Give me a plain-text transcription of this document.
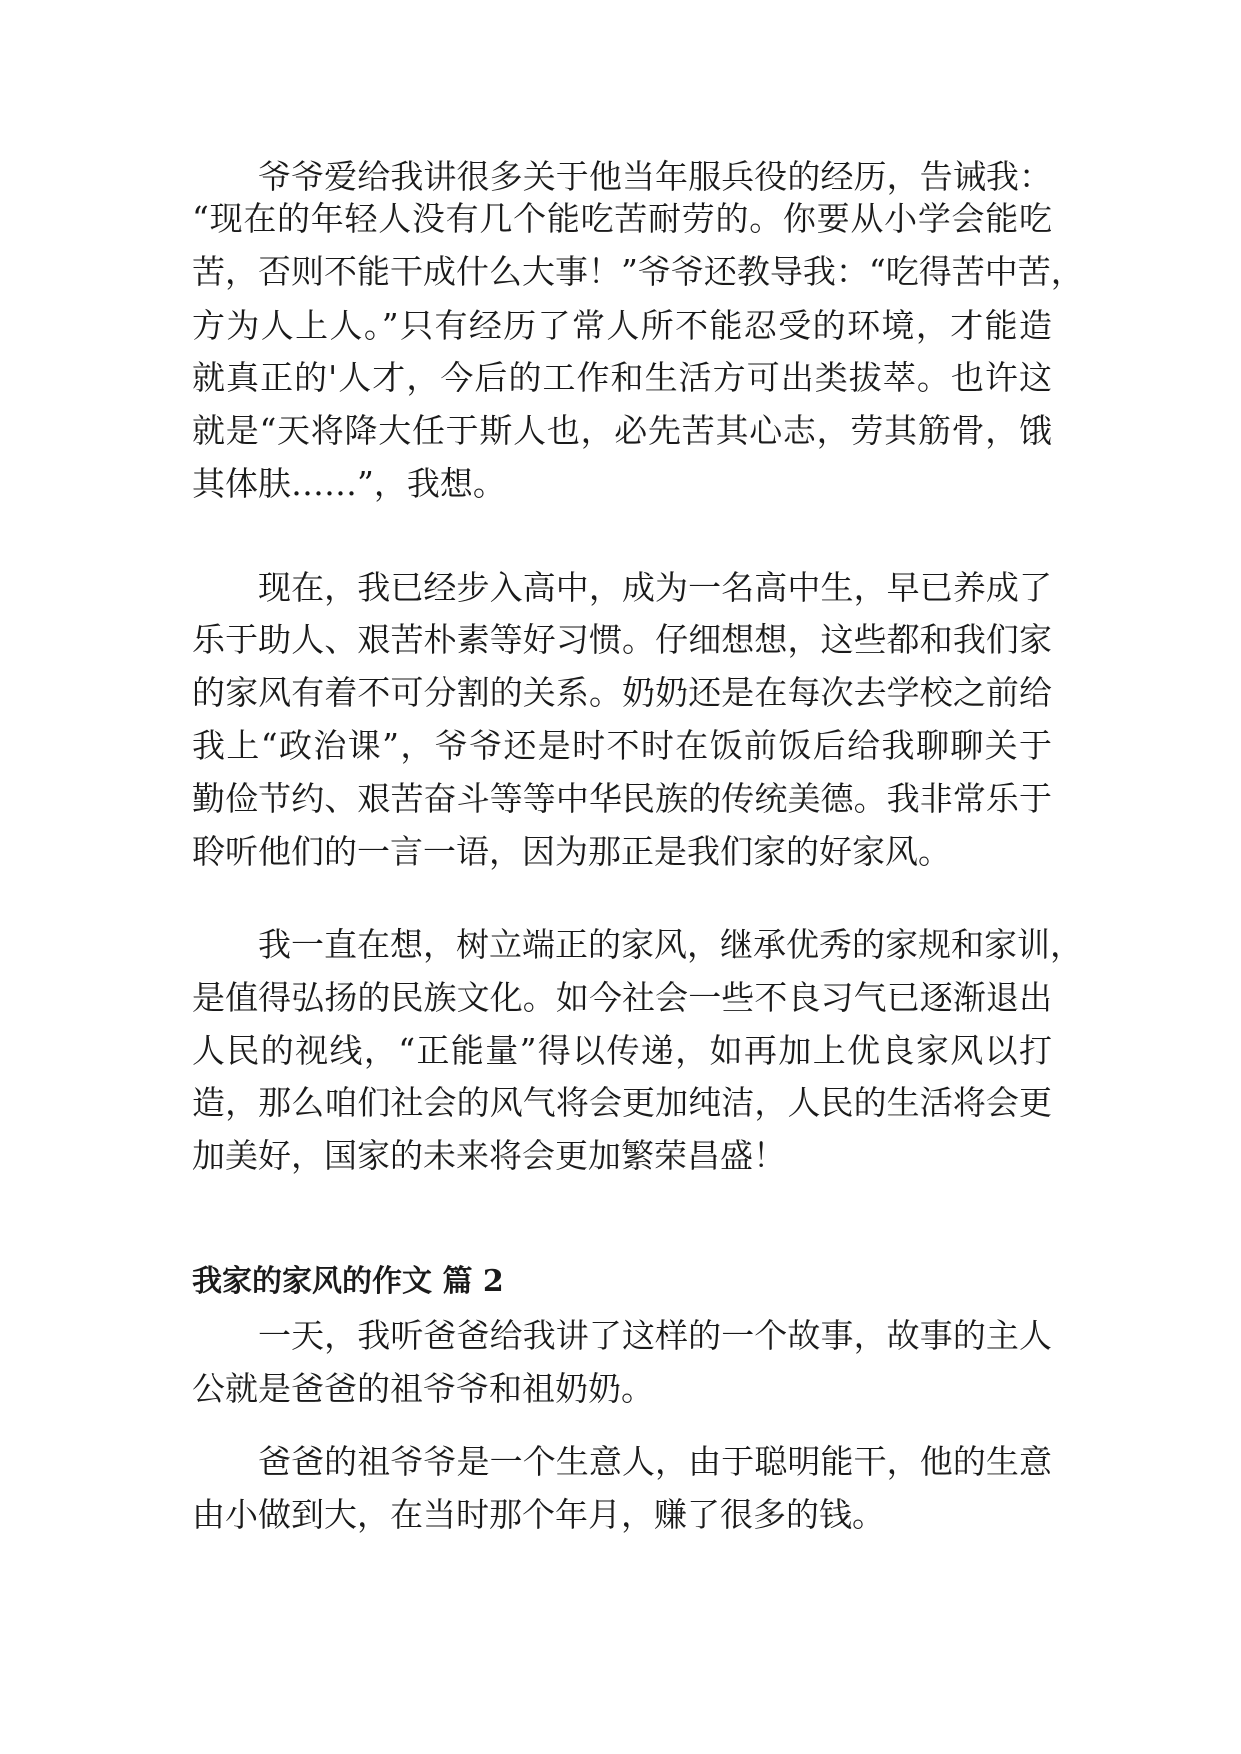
爷爷爱给我讲很多关于他当年服兵役的经历，告诫我：

“现在的年轻人没有几个能吃苦耐劳的。你要从小学会能吃

苦，否则不能干成什么大事！”爷爷还教导我：“吃得苦中苦，

方为人上人。”只有经历了常人所不能忍受的环境，才能造

就真正的'人才，今后的工作和生活方可出类拔萃。也许这

就是“天将降大任于斯人也，必先苦其心志，劳其筋骨，饿

其体肤……”，我想。

现在，我已经步入高中，成为一名高中生，早已养成了

乐于助人、艰苦朴素等好习惯。仔细想想，这些都和我们家

的家风有着不可分割的关系。奶奶还是在每次去学校之前给

我上“政治课”，爷爷还是时不时在饭前饭后给我聊聊关于

勤俭节约、艰苦奋斗等等中华民族的传统美德。我非常乐于

聆听他们的一言一语，因为那正是我们家的好家风。

我一直在想，树立端正的家风，继承优秀的家规和家训，

是值得弘扬的民族文化。如今社会一些不良习气已逐渐退出

人民的视线，“正能量”得以传递，如再加上优良家风以打

造，那么咱们社会的风气将会更加纯洁，人民的生活将会更

加美好，国家的未来将会更加繁荣昌盛！

我家的家风的作文 篇 2

一天，我听爸爸给我讲了这样的一个故事，故事的主人

公就是爸爸的祖爷爷和祖奶奶。

爸爸的祖爷爷是一个生意人，由于聪明能干，他的生意

由小做到大，在当时那个年月，赚了很多的钱。
